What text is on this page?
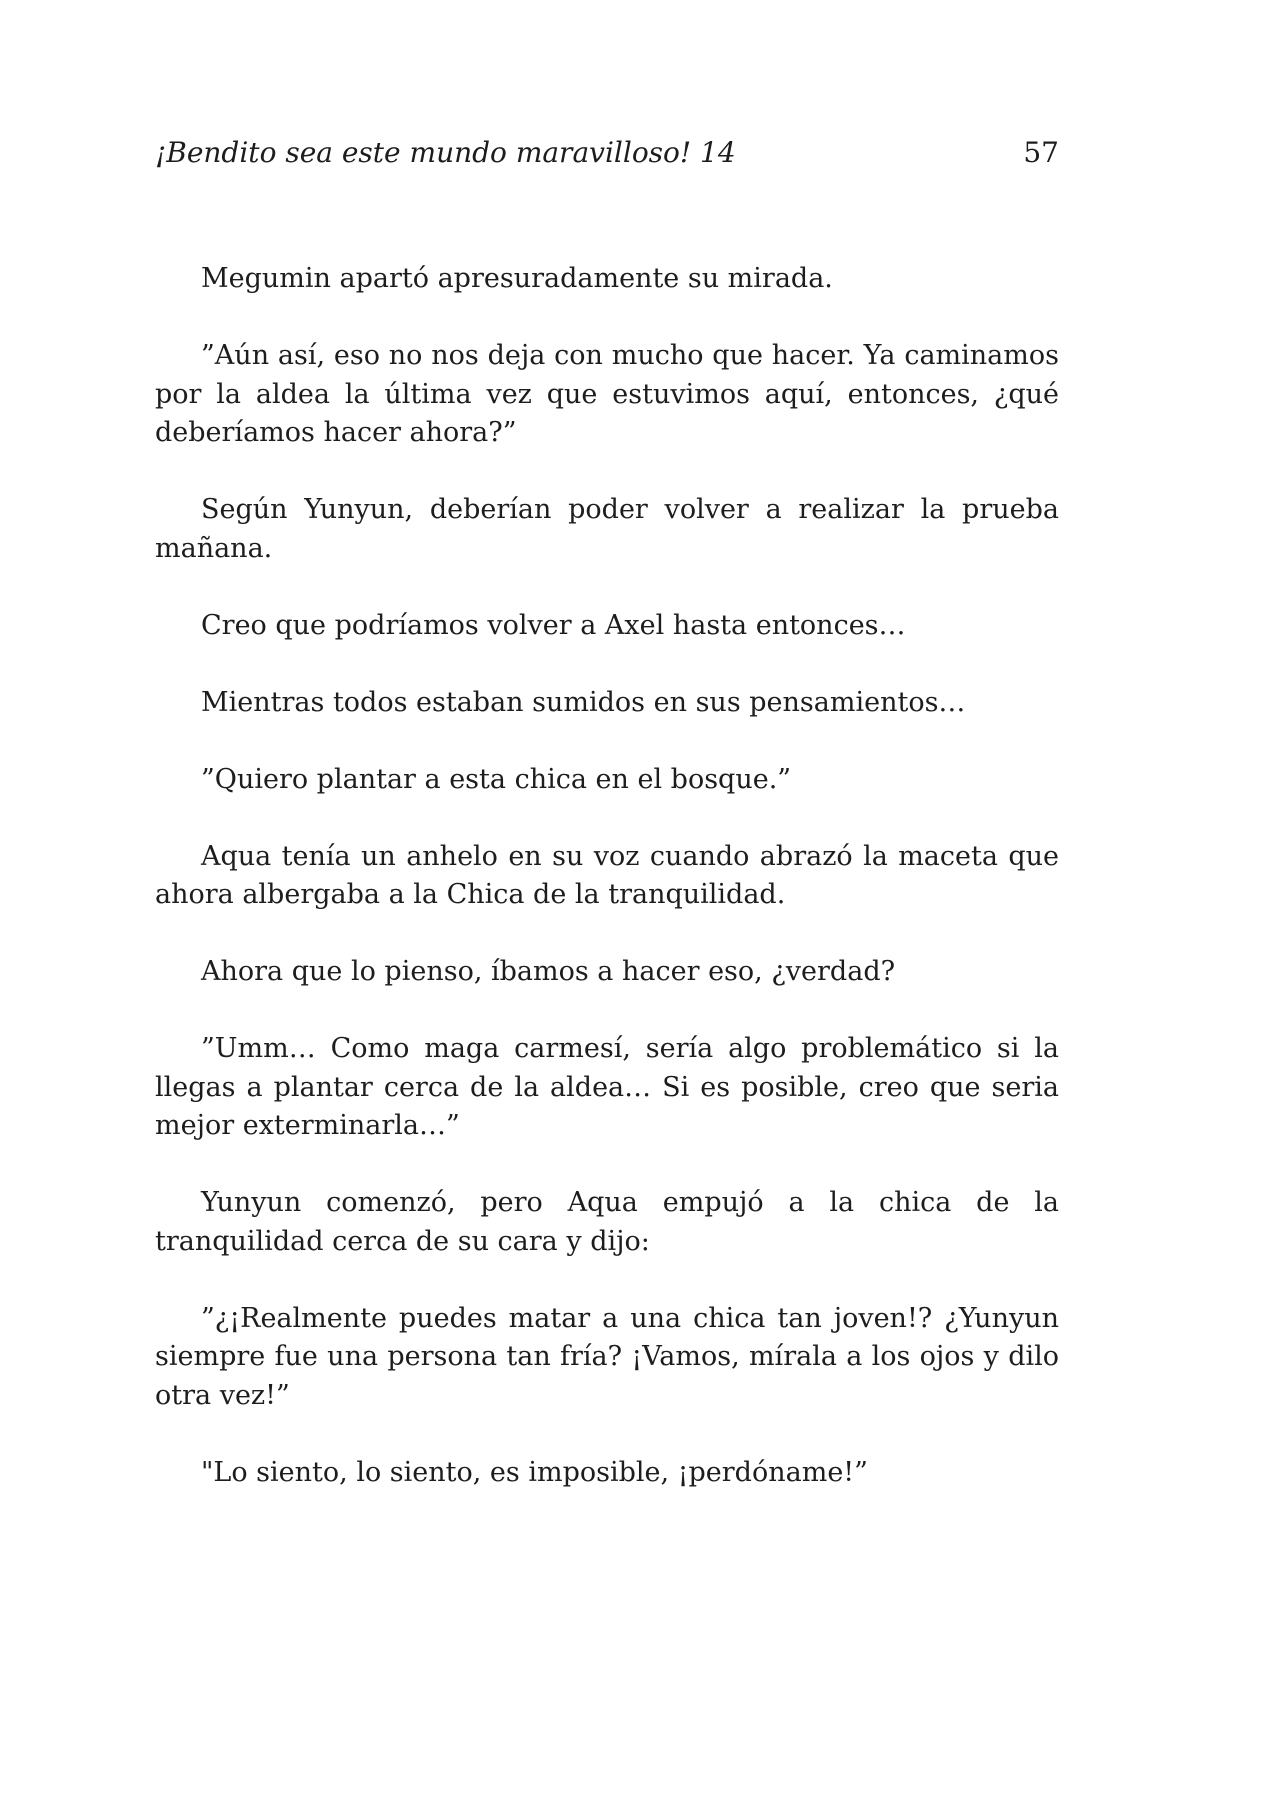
¡Bendito sea este mundo maravilloso! 14	57

Megumin apartó apresuradamente su mirada.

”Aún así, eso no nos deja con mucho que hacer. Ya caminamos por la aldea la última vez que estuvimos aquí, entonces, ¿qué deberíamos hacer ahora?”

Según Yunyun, deberían poder volver a realizar la prueba mañana.

Creo que podríamos volver a Axel hasta entonces…

Mientras todos estaban sumidos en sus pensamientos…

”Quiero plantar a esta chica en el bosque.”

Aqua tenía un anhelo en su voz cuando abrazó la maceta que ahora albergaba a la Chica de la tranquilidad.

Ahora que lo pienso, íbamos a hacer eso, ¿verdad?

”Umm… Como maga carmesí, sería algo problemático si la llegas a plantar cerca de la aldea… Si es posible, creo que seria mejor exterminarla…”

Yunyun comenzó, pero Aqua empujó a la chica de la tranquilidad cerca de su cara y dijo:

”¿¡Realmente puedes matar a una chica tan joven!? ¿Yunyun siempre fue una persona tan fría? ¡Vamos, mírala a los ojos y dilo otra vez!”

"Lo siento, lo siento, es imposible, ¡perdóname!”
